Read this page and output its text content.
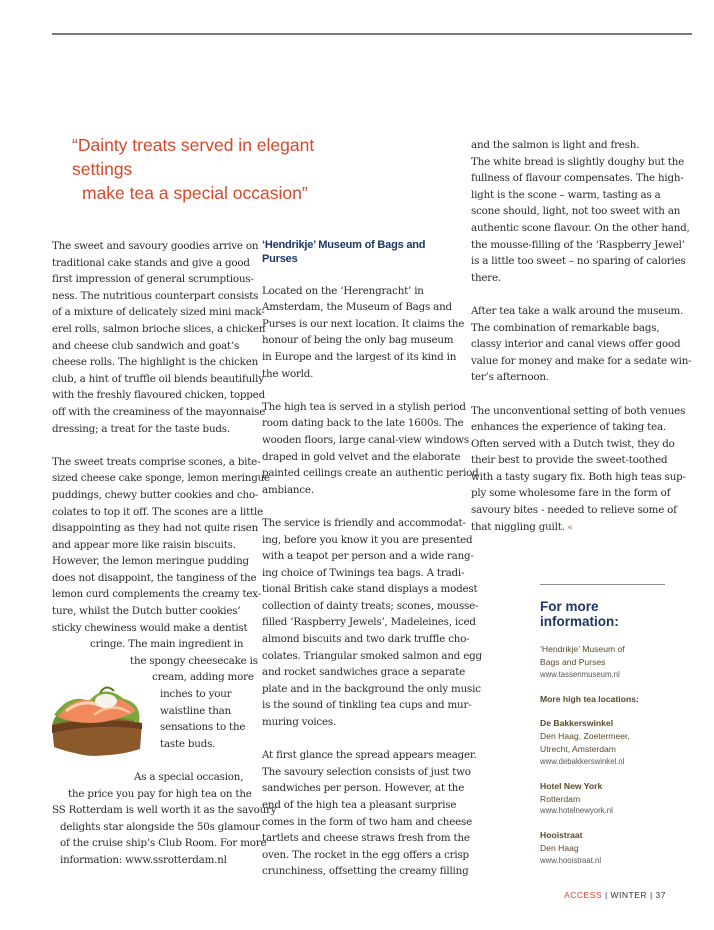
“Dainty treats served in elegant settings
make tea a special occasion”

The sweet and savoury goodies arrive on
traditional cake stands and give a good
first impression of general scrumptious-
ness. The nutritious counterpart consists
of a mixture of delicately sized mini mack-
erel rolls, salmon brioche slices, a chicken
and cheese club sandwich and goat’s
cheese rolls. The highlight is the chicken
club, a hint of truffle oil blends beautifully
with the freshly flavoured chicken, topped
off with the creaminess of the mayonnaise
dressing; a treat for the taste buds.

The sweet treats comprise scones, a bite-
sized cheese cake sponge, lemon meringue
puddings, chewy butter cookies and cho-
colates to top it off. The scones are a little
disappointing as they had not quite risen
and appear more like raisin biscuits.
However, the lemon meringue pudding
does not disappoint, the tanginess of the
lemon curd complements the creamy tex-
ture, whilst the Dutch butter cookies’
sticky chewiness would make a dentist

cringe. The main ingredient in
the spongy cheesecake is
cream, adding more
inches to your
waistline than
sensations to the
taste buds.

As a special occasion,
the price you pay for high tea on the
SS Rotterdam is well worth it as the savoury
delights star alongside the 50s glamour
of the cruise ship’s Club Room. For more
information: www.ssrotterdam.nl

‘Hendrikje’ Museum of Bags and
Purses

Located on the ‘Herengracht’ in
Amsterdam, the Museum of Bags and
Purses is our next location. It claims the
honour of being the only bag museum
in Europe and the largest of its kind in
the world.

The high tea is served in a stylish period
room dating back to the late 1600s. The
wooden floors, large canal-view windows
draped in gold velvet and the elaborate
painted ceilings create an authentic period
ambiance.

The service is friendly and accommodat-
ing, before you know it you are presented
with a teapot per person and a wide rang-
ing choice of Twinings tea bags. A tradi-
tional British cake stand displays a modest
collection of dainty treats; scones, mousse-
filled ‘Raspberry Jewels’, Madeleines, iced
almond biscuits and two dark truffle cho-
colates. Triangular smoked salmon and egg
and rocket sandwiches grace a separate
plate and in the background the only music
is the sound of tinkling tea cups and mur-
muring voices.

At first glance the spread appears meager.
The savoury selection consists of just two
sandwiches per person. However, at the
end of the high tea a pleasant surprise
comes in the form of two ham and cheese
tartlets and cheese straws fresh from the
oven. The rocket in the egg offers a crisp
crunchiness, offsetting the creamy filling

and the salmon is light and fresh.
The white bread is slightly doughy but the
fullness of flavour compensates. The high-
light is the scone – warm, tasting as a
scone should, light, not too sweet with an
authentic scone flavour. On the other hand,
the mousse-filling of the ‘Raspberry Jewel’
is a little too sweet – no sparing of calories
there.

After tea take a walk around the museum.
The combination of remarkable bags,
classy interior and canal views offer good
value for money and make for a sedate win-
ter’s afternoon.

The unconventional setting of both venues
enhances the experience of taking tea.
Often served with a Dutch twist, they do
their best to provide the sweet-toothed
with a tasty sugary fix. Both high teas sup-
ply some wholesome fare in the form of
savoury bites - needed to relieve some of
that niggling guilt. «

For more
information:

‘Hendrikje’ Museum of
Bags and Purses

www.tassenmuseum.nl
More high tea locations:

De Bakkerswinkel

Den Haag, Zoetermeer,
Utrecht, Amsterdam

www.debakkerswinkel.nl

Hotel New York

Rotterdam

www.hotelnewyork.nl

Hooistraat

Den Haag

www.hooistraat.nl
ACCESS | WINTER | 37
